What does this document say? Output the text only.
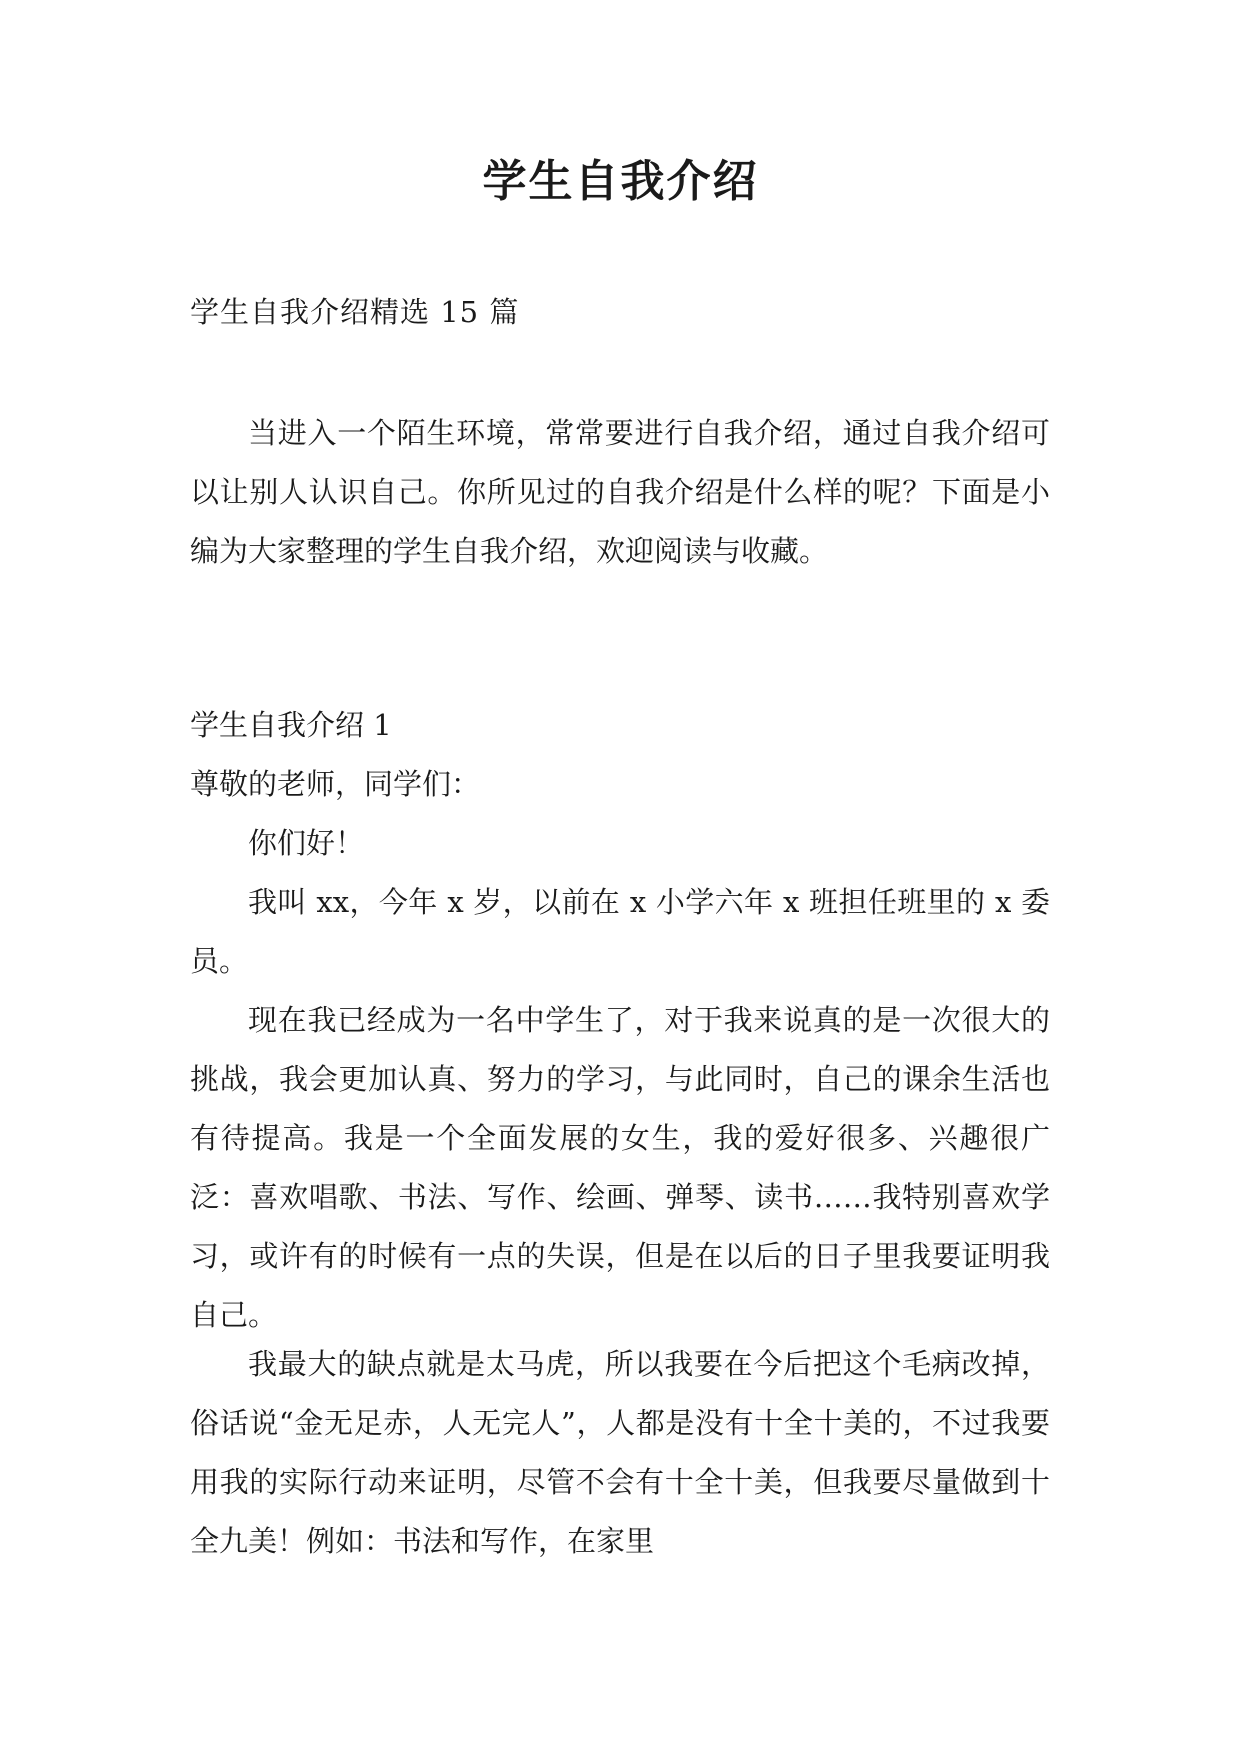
学生自我介绍
学生自我介绍精选 15 篇
当进入一个陌生环境，常常要进行自我介绍，通过自我介绍可以让别人认识自己。你所见过的自我介绍是什么样的呢？下面是小编为大家整理的学生自我介绍，欢迎阅读与收藏。
学生自我介绍 1
尊敬的老师，同学们：
你们好！
我叫 xx，今年 x 岁，以前在 x 小学六年 x 班担任班里的 x 委员。
现在我已经成为一名中学生了，对于我来说真的是一次很大的挑战，我会更加认真、努力的学习，与此同时，自己的课余生活也有待提高。我是一个全面发展的女生，我的爱好很多、兴趣很广泛：喜欢唱歌、书法、写作、绘画、弹琴、读书……我特别喜欢学习，或许有的时候有一点的失误，但是在以后的日子里我要证明我自己。
我最大的缺点就是太马虎，所以我要在今后把这个毛病改掉，俗话说“金无足赤，人无完人”，人都是没有十全十美的，不过我要用我的实际行动来证明，尽管不会有十全十美，但我要尽量做到十全九美！例如：书法和写作，在家里
